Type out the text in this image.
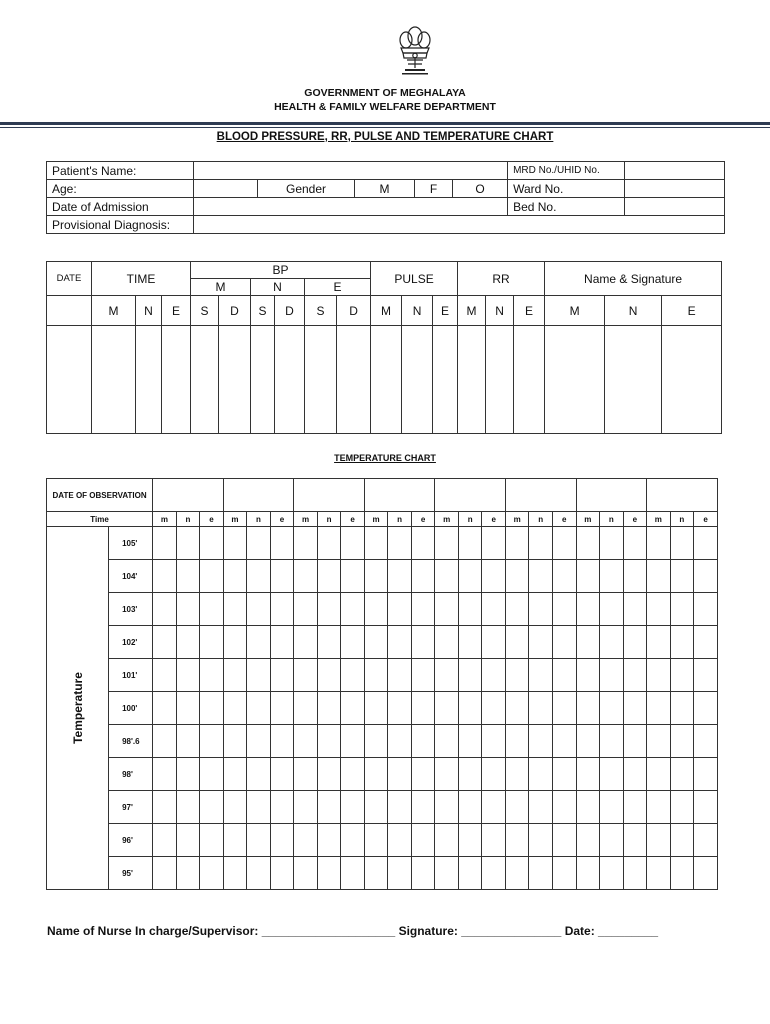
GOVERNMENT OF MEGHALAYA
HEALTH & FAMILY WELFARE DEPARTMENT
BLOOD PRESSURE, RR, PULSE AND TEMPERATURE CHART
Patient's Name:						MRD No./UHID No.	
Age:		Gender	M	F	O	Ward No.	
Date of Admission						Bed No.	
Provisional Diagnosis:							
DATE	TIME			BP						PULSE			RR			Name & Signature		
				M		N		E										
	M	N	E	S	D	S	D	S	D	M	N	E	M	N	E	M	N	E

TEMPERATURE CHART
DATE OF OBSERVATION																									
Time		m	n	e	m	n	e	m	n	e	m	n	e	m	n	e	m	n	e	m	n	e	m	n	e

Temperature	105'																								
	104'																								
	103'																								
	102'																								
	101'																								
	100'																								
	98'.6																								
	98'																								
	97'																								
	96'																								
	95'																								
Name of Nurse In charge/Supervisor: ____________________ Signature: _______________ Date: _________
